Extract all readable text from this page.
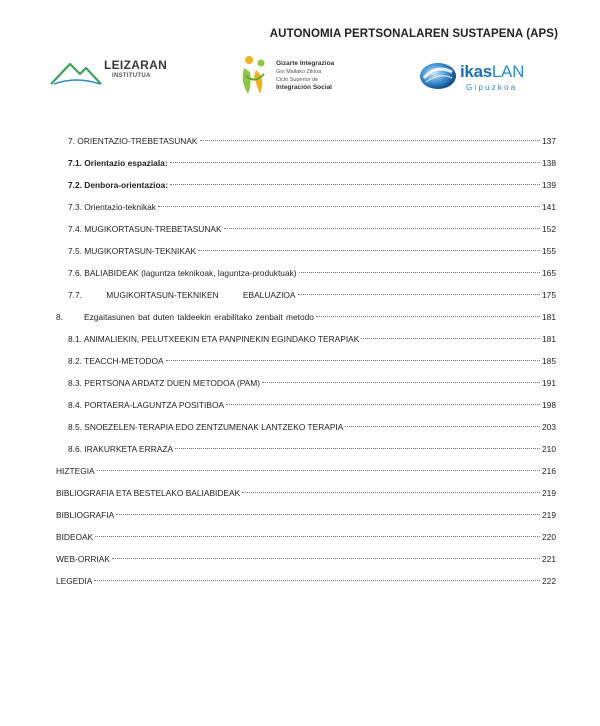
AUTONOMIA PERTSONALAREN SUSTAPENA (APS)
LEIZARAN
INSTITUTUA
Gizarte Integrazioa
Goi Mailako Zikloa
Ciclo Superior de
Integración Social
ikasLAN
Gipuzkoa
7. ORIENTAZIO-TREBETASUNAK	137
7.1. Orientazio espaziala:	138
7.2. Denbora-orientazioa:	139
7.3. Orientazio-teknikak	141
7.4. MUGIKORTASUN-TREBETASUNAK	152
7.5. MUGIKORTASUN-TEKNIKAK	155
7.6. BALIABIDEAK (laguntza teknikoak, laguntza-produktuak)	165
7.7. MUGIKORTASUN-TEKNIKEN EBALUAZIOA	175
8.	Ezgaitasunen bat duten taldeekin erabilitako zenbait metodo	181
8.1. ANIMALIEKIN, PELUTXEEKIN ETA PANPINEKIN EGINDAKO TERAPIAK	181
8.2. TEACCH-METODOA	185
8.3. PERTSONA ARDATZ DUEN METODOA (PAM)	191
8.4. PORTAERA-LAGUNTZA POSITIBOA	198
8.5. SNOEZELEN-TERAPIA EDO ZENTZUMENAK LANTZEKO TERAPIA	203
8.6. IRAKURKETA ERRAZA	210
HIZTEGIA	216
BIBLIOGRAFIA ETA BESTELAKO BALIABIDEAK	219
BIBLIOGRAFIA	219
BIDEOAK	220
WEB-ORRIAK	221
LEGEDIA	222
